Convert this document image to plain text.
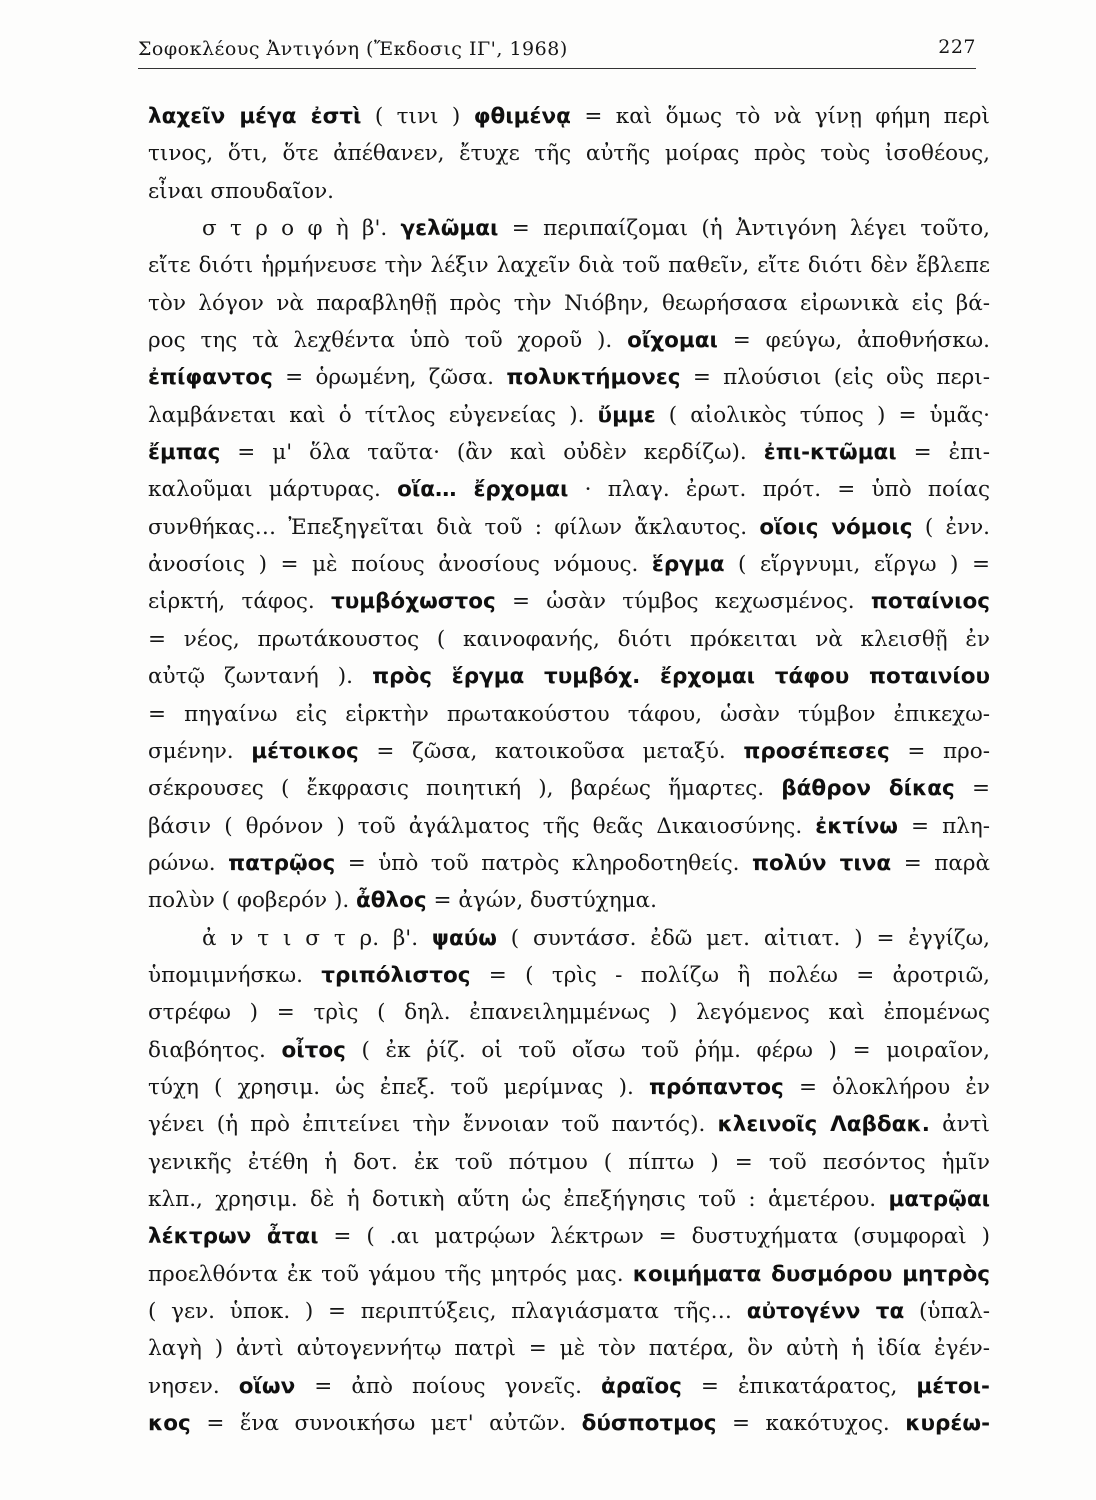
Σοφοκλέους Ἀντιγόνη (Ἔκδοσις ΙΓ', 1968)	227
λαχεῖν μέγα ἐστὶ ( τινι ) φθιμένᾳ = καὶ ὅμως τὸ νὰ γίνῃ φήμη περὶ
τινος, ὅτι, ὅτε ἀπέθανεν, ἔτυχε τῆς αὐτῆς μοίρας πρὸς τοὺς ἰσοθέους,
εἶναι σπουδαῖον.
σ τ ρ ο φ ὴ β'. γελῶμαι = περιπαίζομαι (ἡ Ἀντιγόνη λέγει τοῦτο,
εἴτε διότι ἡρμήνευσε τὴν λέξιν λαχεῖν διὰ τοῦ παθεῖν, εἴτε διότι δὲν ἔβλεπε
τὸν λόγον νὰ παραβληθῇ πρὸς τὴν Νιόβην, θεωρήσασα εἰρωνικὰ εἰς βά-
ρος της τὰ λεχθέντα ὑπὸ τοῦ χοροῦ ). οἴχομαι = φεύγω, ἀποθνήσκω.
ἐπίφαντος = ὁρωμένη, ζῶσα. πολυκτήμονες = πλούσιοι (εἰς οὓς περι-
λαμβάνεται καὶ ὁ τίτλος εὐγενείας ). ὔμμε ( αἰολικὸς τύπος ) = ὑμᾶς·
ἔμπας = μ' ὅλα ταῦτα· (ἂν καὶ οὐδὲν κερδίζω). ἐπι-κτῶμαι = ἐπι-
καλοῦμαι μάρτυρας. οἵα… ἔρχομαι · πλαγ. ἐρωτ. πρότ. = ὑπὸ ποίας
συνθήκας… Ἐπεξηγεῖται διὰ τοῦ : φίλων ἄκλαυτος. οἵοις νόμοις ( ἐνν.
ἀνοσίοις ) = μὲ ποίους ἀνοσίους νόμους. ἕργμα ( εἵργνυμι, εἵργω ) =
εἱρκτή, τάφος. τυμβόχωστος = ὡσὰν τύμβος κεχωσμένος. ποταίνιος
= νέος, πρωτάκουστος ( καινοφανής, διότι πρόκειται νὰ κλεισθῇ ἐν
αὐτῷ ζωντανή ). πρὸς ἕργμα τυμβόχ. ἔρχομαι τάφου ποταινίου
= πηγαίνω εἰς εἱρκτὴν πρωτακούστου τάφου, ὡσὰν τύμβον ἐπικεχω-
σμένην. μέτοικος = ζῶσα, κατοικοῦσα μεταξύ. προσέπεσες = προ-
σέκρουσες ( ἔκφρασις ποιητική ), βαρέως ἥμαρτες. βάθρον δίκας =
βάσιν ( θρόνον ) τοῦ ἀγάλματος τῆς θεᾶς Δικαιοσύνης. ἐκτίνω = πλη-
ρώνω. πατρῷος = ὑπὸ τοῦ πατρὸς κληροδοτηθείς. πολύν τινα = παρὰ
πολὺν ( φοβερόν ). ἆθλος = ἀγών, δυστύχημα.
ἀ ν τ ι σ τ ρ. β'. ψαύω ( συντάσσ. ἐδῶ μετ. αἰτιατ. ) = ἐγγίζω,
ὑπομιμνήσκω. τριπόλιστος = ( τρὶς - πολίζω ἢ πολέω = ἀροτριῶ,
στρέφω ) = τρὶς ( δηλ. ἐπανειλημμένως ) λεγόμενος καὶ ἐπομένως
διαβόητος. οἶτος ( ἐκ ῥίζ. οἱ τοῦ οἴσω τοῦ ῥήμ. φέρω ) = μοιραῖον,
τύχη ( χρησιμ. ὡς ἐπεξ. τοῦ μερίμνας ). πρόπαντος = ὁλοκλήρου ἐν
γένει (ἡ πρὸ ἐπιτείνει τὴν ἔννοιαν τοῦ παντός). κλεινοῖς Λαβδακ. ἀντὶ
γενικῆς ἐτέθη ἡ δοτ. ἐκ τοῦ πότμου ( πίπτω ) = τοῦ πεσόντος ἡμῖν
κλπ., χρησιμ. δὲ ἡ δοτικὴ αὕτη ὡς ἐπεξήγησις τοῦ : ἁμετέρου. ματρῷαι
λέκτρων ἆται = ( .αι ματρῴων λέκτρων = δυστυχήματα (συμφοραὶ )
προελθόντα ἐκ τοῦ γάμου τῆς μητρός μας. κοιμήματα δυσμόρου μητρὸς
( γεν. ὑποκ. ) = περιπτύξεις, πλαγιάσματα τῆς… αὐτογένν τα (ὑπαλ-
λαγὴ ) ἀντὶ αὐτογεννήτῳ πατρὶ = μὲ τὸν πατέρα, ὃν αὐτὴ ἡ ἰδία ἐγέν-
νησεν. οἵων = ἀπὸ ποίους γονεῖς. ἀραῖος = ἐπικατάρατος, μέτοι-
κος = ἕνα συνοικήσω μετ' αὐτῶν. δύσποτμος = κακότυχος. κυρέω-
